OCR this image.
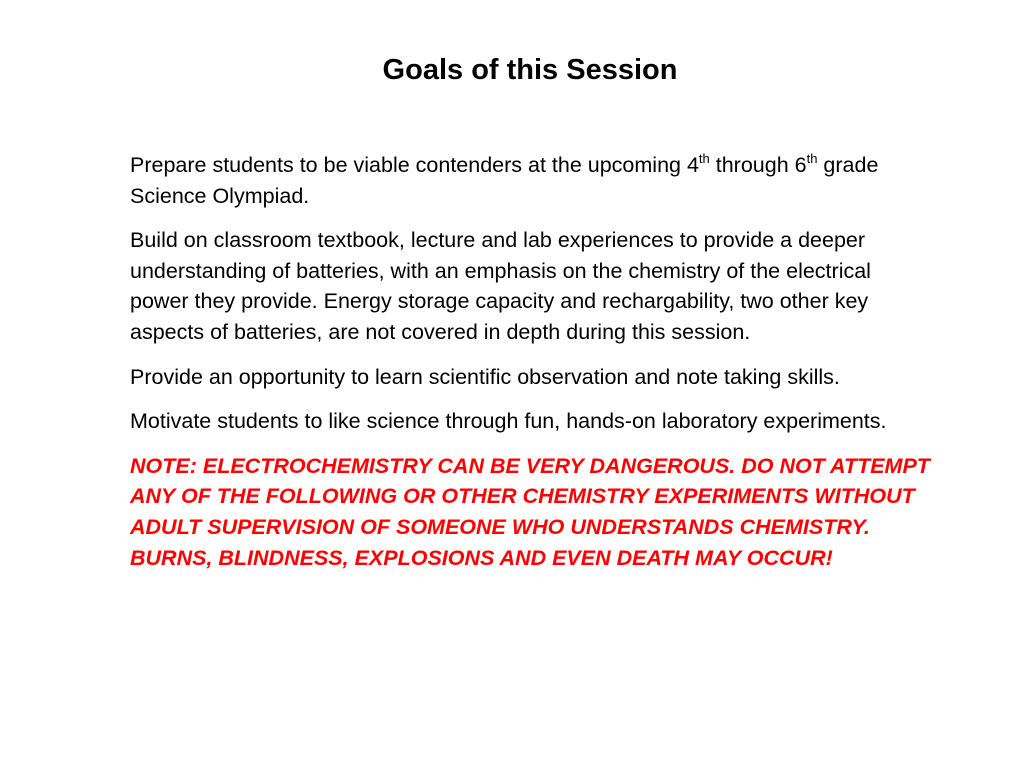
Goals of this Session

Prepare students to be viable contenders at the upcoming 4th through 6th grade Science Olympiad.

Build on classroom textbook, lecture and lab experiences to provide a deeper understanding of batteries, with an emphasis on the chemistry of the electrical power they provide. Energy storage capacity and rechargability, two other key aspects of batteries, are not covered in depth during this session.

Provide an opportunity to learn scientific observation and note taking skills.

Motivate students to like science through fun, hands-on laboratory experiments.

NOTE: ELECTROCHEMISTRY CAN BE VERY DANGEROUS. DO NOT ATTEMPT ANY OF THE FOLLOWING OR OTHER CHEMISTRY EXPERIMENTS WITHOUT ADULT SUPERVISION OF SOMEONE WHO UNDERSTANDS CHEMISTRY. BURNS, BLINDNESS, EXPLOSIONS AND EVEN DEATH MAY OCCUR!
